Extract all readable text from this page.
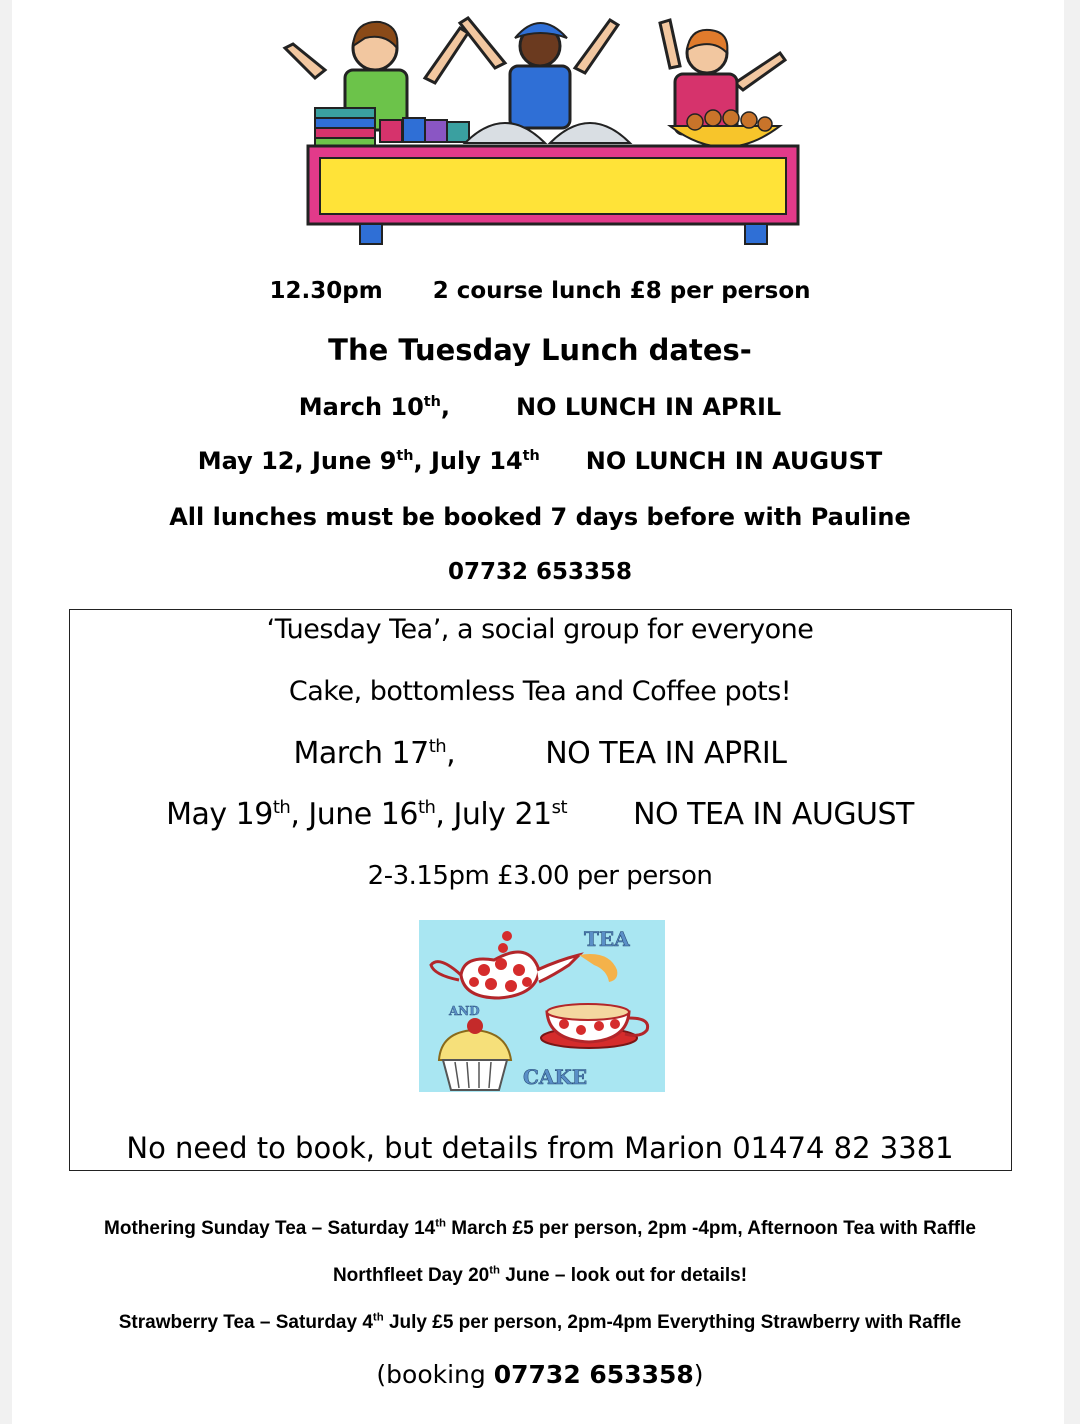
12.30pm 2 course lunch £8 per person
The Tuesday Lunch dates-
March 10th,	NO LUNCH IN APRIL
May 12, June 9th, July 14th NO LUNCH IN AUGUST
All lunches must be booked 7 days before with Pauline
07732 653358
‘Tuesday Tea’, a social group for everyone
Cake, bottomless Tea and Coffee pots!
March 17th,	NO TEA IN APRIL
May 19th, June 16th, July 21st NO TEA IN AUGUST
2-3.15pm £3.00 per person
TEA
AND
CAKE
No need to book, but details from Marion 01474 82 3381
Mothering Sunday Tea – Saturday 14th March £5 per person, 2pm -4pm, Afternoon Tea with Raffle
Northfleet Day 20th June – look out for details!
Strawberry Tea – Saturday 4th July £5 per person, 2pm-4pm Everything Strawberry with Raffle
(booking 07732 653358)
